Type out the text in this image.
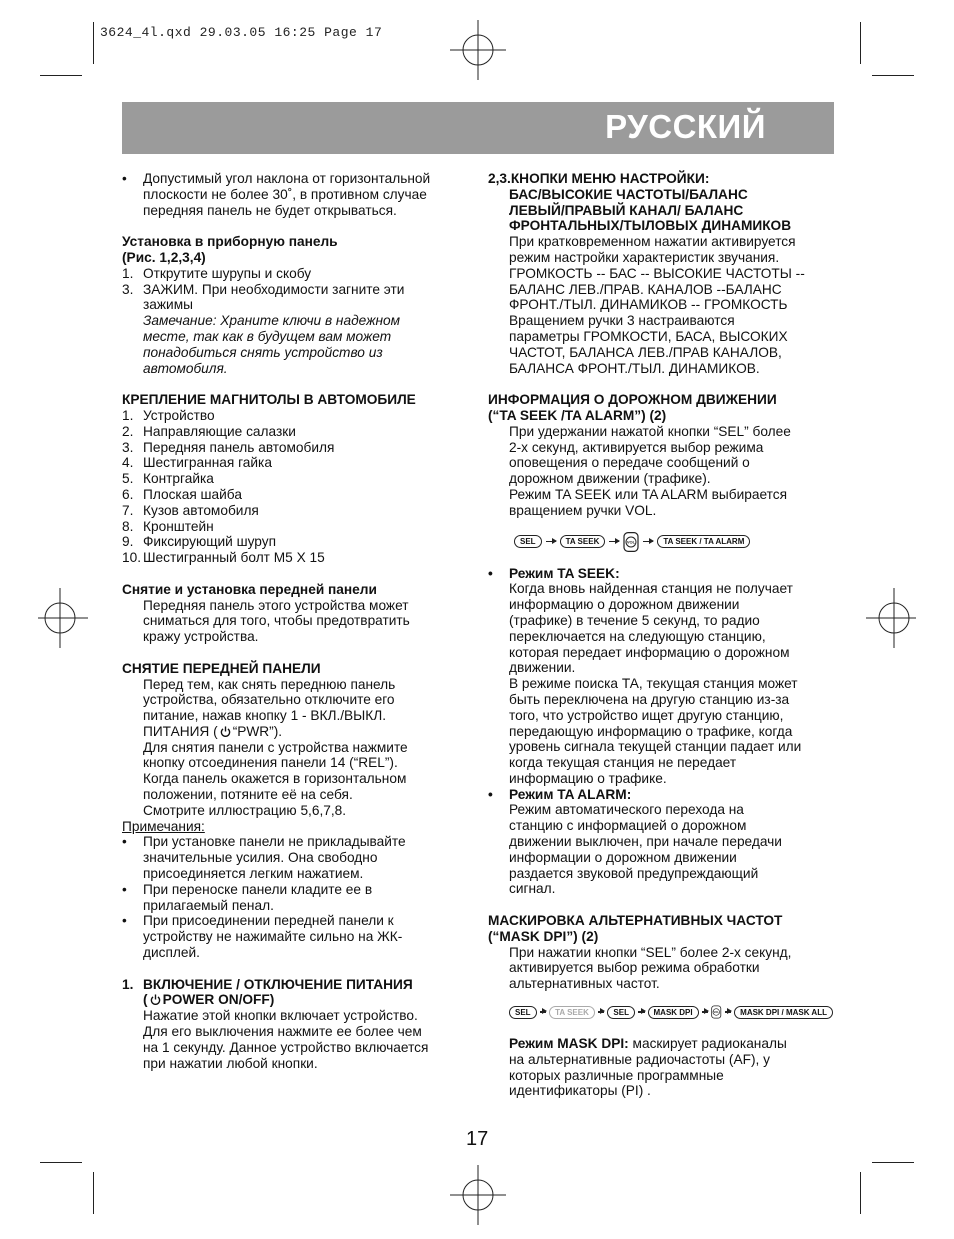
3624_4l.qxd 29.03.05 16:25 Page 17
РУССКИЙ
• Допустимый угол наклона от горизонтальной
плоскости не более 30˚, в противном случае
передняя панель не будет открываться.

Установка в приборную панель

(Рис. 1,2,3,4)

1. Открутите шурупы и скобу
3. ЗАЖИМ. При необходимости загните эти
зажимы
Замечание: Храните ключи в надежном
месте, так как в будущем вам может
понадобиться снять устройство из
автомобиля.

КРЕПЛЕНИЕ МАГНИТОЛЫ В АВТОМОБИЛЕ

1. Устройство
2. Направляющие салазки
3. Передняя панель автомобиля
4. Шестигранная гайка
5. Контргайка
6. Плоская шайба
7. Кузов автомобиля
8. Кронштейн
9. Фиксирующий шуруп
10. Шестигранный болт М5 Х 15

Снятие и установка передней панели

Передняя панель этого устройства может
сниматься для того, чтобы предотвратить
кражу устройства.

СНЯТИЕ ПЕРЕДНЕЙ ПАНЕЛИ

Перед тем, как снять переднюю панель
устройства, обязательно отключите его
питание, нажав кнопку 1 - ВКЛ./ВЫКЛ.
ПИТАНИЯ ( “PWR”).
Для снятия панели с устройства нажмите
кнопку отсоединения панели 14 (“REL”).
Когда панель окажется в горизонтальном
положении, потяните её на себя.
Смотрите иллюстрацию 5,6,7,8.

Примечания:

• При установке панели не прикладывайте
значительные усилия. Она свободно
присоединяется легким нажатием.
• При переноске панели кладите ее в
прилагаемый пенал.
• При присоединении передней панели к
устройству не нажимайте сильно на ЖК-
дисплей.
1. ВКЛЮЧЕНИЕ / ОТКЛЮЧЕНИЕ ПИТАНИЯ
( POWER ON/OFF)
Нажатие этой кнопки включает устройство.
Для его выключения нажмите ее более чем
на 1 секунду. Данное устройство включается
при нажатии любой кнопки.

2,3.КНОПКИ МЕНЮ НАСТРОЙКИ:

БАС/ВЫСОКИЕ ЧАСТОТЫ/БАЛАНС
ЛЕВЫЙ/ПРАВЫЙ КАНАЛ/ БАЛАНС
ФРОНТАЛЬНЫХ/ТЫЛОВЫХ ДИНАМИКОВ
При кратковременном нажатии активируется
режим настройки характеристик звучания.
ГРОМКОСТЬ -- БАС -- ВЫСОКИЕ ЧАСТОТЫ --
БАЛАНС ЛЕВ./ПРАВ. КАНАЛОВ --БАЛАНС
ФРОНТ./ТЫЛ. ДИНАМИКОВ -- ГРОМКОСТЬ
Вращением ручки 3 настраиваются
параметры ГРОМКОСТИ, БАСА, ВЫСОКИХ
ЧАСТОТ, БАЛАНСА ЛЕВ./ПРАВ КАНАЛОВ,
БАЛАНСА ФРОНТ./ТЫЛ. ДИНАМИКОВ.

ИНФОРМАЦИЯ О ДОРОЖНОМ ДВИЖЕНИИ

(“TA SEEK /TA ALARM”) (2)

При удержании нажатой кнопки “SEL” более
2-х секунд, активируется выбор режима
оповещения о передаче сообщений о
дорожном движении (трафике).
Режим TA SEEK или TA ALARM выбирается
вращением ручки VOL.
SEL	TA SEEK	VOL	TA SEEK / TA ALARM
• Режим TA SEEK:
Когда вновь найденная станция не получает
информацию о дорожном движении
(трафике) в течение 5 секунд, то радио
переключается на следующую станцию,
которая передает информацию о дорожном
движении.
В режиме поиска ТА, текущая станция может
быть переключена на другую станцию из-за
того, что устройство ищет другую станцию,
передающую информацию о трафике, когда
уровень сигнала текущей станции падает или
когда текущая станция не передает
информацию о трафике.
• Режим TA ALARM:
Режим автоматического перехода на
станцию с информацией о дорожном
движении выключен, при начале передачи
информации о дорожном движении
раздается звуковой предупреждающий
сигнал.

МАСКИРОВКА АЛЬТЕРНАТИВНЫХ ЧАСТОТ

(“MASK DPI”) (2)

При нажатии кнопки “SEL” более 2-х секунд,
активируется выбор режима обработки
альтернативных частот.
SEL	TA SEEK	SEL	MASK DPI	VOL	MASK DPI / MASK ALL
Режим MASK DPI: маскирует радиоканалы
на альтернативные радиочастоты (AF), у
которых различные программные
идентификаторы (PI) .
17
